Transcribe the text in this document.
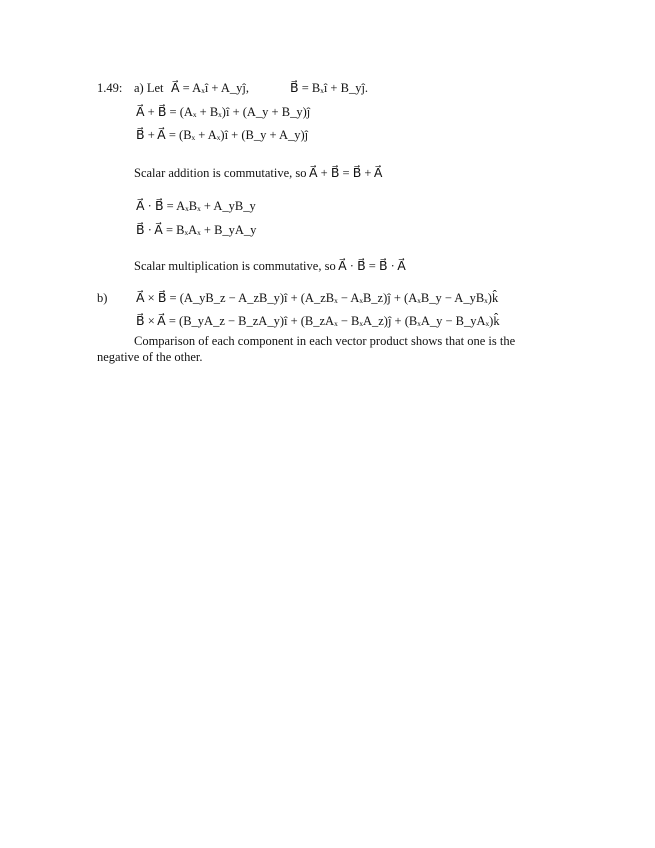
1.49: a) Let A⃗ = Aₓî + A_yĵ,	B⃗ = Bₓî + B_yĵ.
A⃗ + B⃗ = (Aₓ + Bₓ)î + (A_y + B_y)ĵ
B⃗ + A⃗ = (Bₓ + Aₓ)î + (B_y + A_y)ĵ
Scalar addition is commutative, so A⃗ + B⃗ = B⃗ + A⃗
A⃗ · B⃗ = AₓBₓ + A_yB_y
B⃗ · A⃗ = BₓAₓ + B_yA_y
Scalar multiplication is commutative, so A⃗ · B⃗ = B⃗ · A⃗
b) A⃗ × B⃗ = (A_yB_z − A_zB_y)î + (A_zBₓ − AₓB_z)ĵ + (AₓB_y − A_yBₓ)k̂
B⃗ × A⃗ = (B_yA_z − B_zA_y)î + (B_zAₓ − BₓA_z)ĵ + (BₓA_y − B_yAₓ)k̂
Comparison of each component in each vector product shows that one is the negative of the other.
